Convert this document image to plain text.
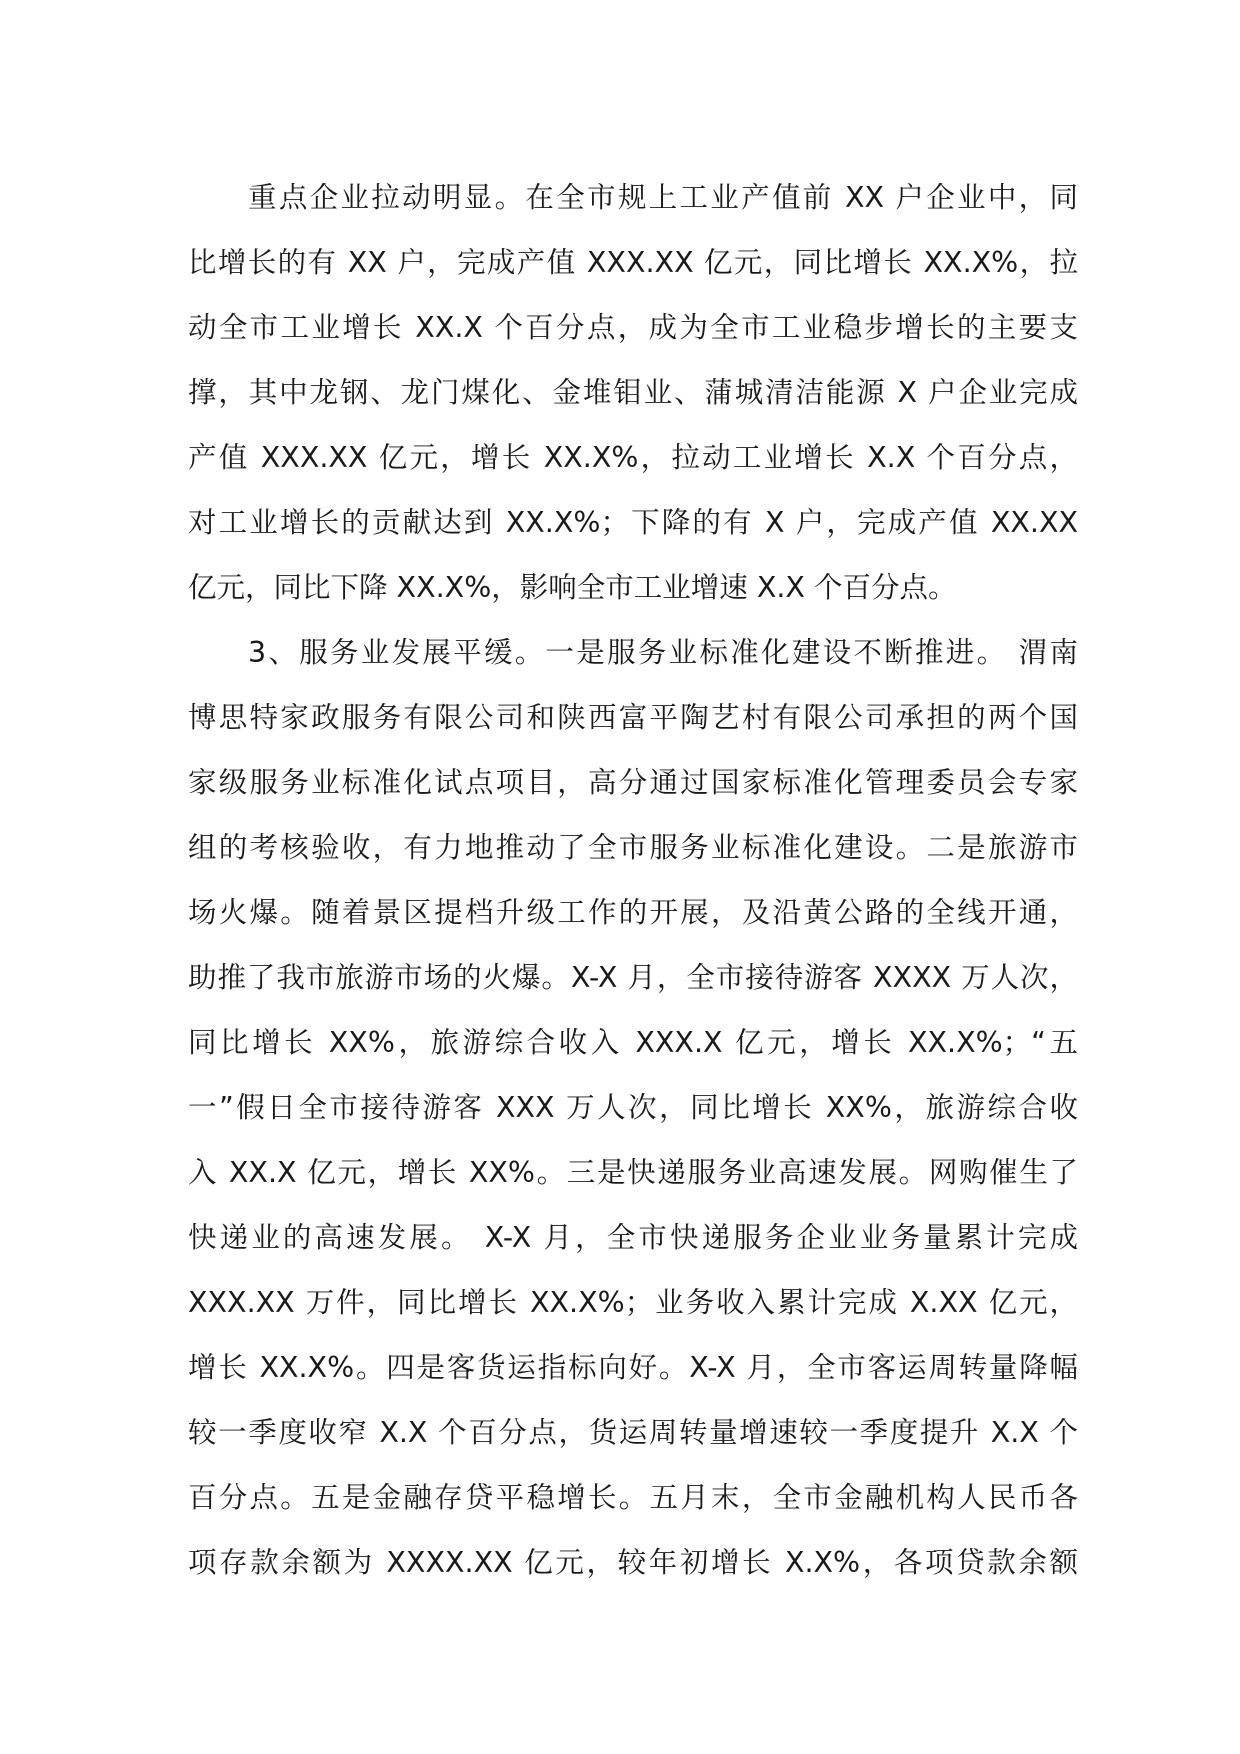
重点企业拉动明显。在全市规上工业产值前 XX 户企业中，同
比增长的有 XX 户，完成产值 XXX.XX 亿元，同比增长 XX.X%，拉
动全市工业增长 XX.X 个百分点，成为全市工业稳步增长的主要支
撑，其中龙钢、龙门煤化、金堆钼业、蒲城清洁能源 X 户企业完成
产值 XXX.XX 亿元，增长 XX.X%，拉动工业增长 X.X 个百分点，
对工业增长的贡献达到 XX.X%；下降的有 X 户，完成产值 XX.XX
亿元，同比下降 XX.X%，影响全市工业增速 X.X 个百分点。
3、服务业发展平缓。一是服务业标准化建设不断推进。 渭南
博思特家政服务有限公司和陕西富平陶艺村有限公司承担的两个国
家级服务业标准化试点项目，高分通过国家标准化管理委员会专家
组的考核验收，有力地推动了全市服务业标准化建设。二是旅游市
场火爆。随着景区提档升级工作的开展，及沿黄公路的全线开通，
助推了我市旅游市场的火爆。X-X 月，全市接待游客 XXXX 万人次，
同比增长 XX%，旅游综合收入 XXX.X 亿元，增长 XX.X%；“五
一”假日全市接待游客 XXX 万人次，同比增长 XX%，旅游综合收
入 XX.X 亿元，增长 XX%。三是快递服务业高速发展。网购催生了
快递业的高速发展。 X-X 月，全市快递服务企业业务量累计完成
XXX.XX 万件，同比增长 XX.X%；业务收入累计完成 X.XX 亿元，
增长 XX.X%。四是客货运指标向好。X-X 月，全市客运周转量降幅
较一季度收窄 X.X 个百分点，货运周转量增速较一季度提升 X.X 个
百分点。五是金融存贷平稳增长。五月末，全市金融机构人民币各
项存款余额为 XXXX.XX 亿元，较年初增长 X.X%，各项贷款余额
